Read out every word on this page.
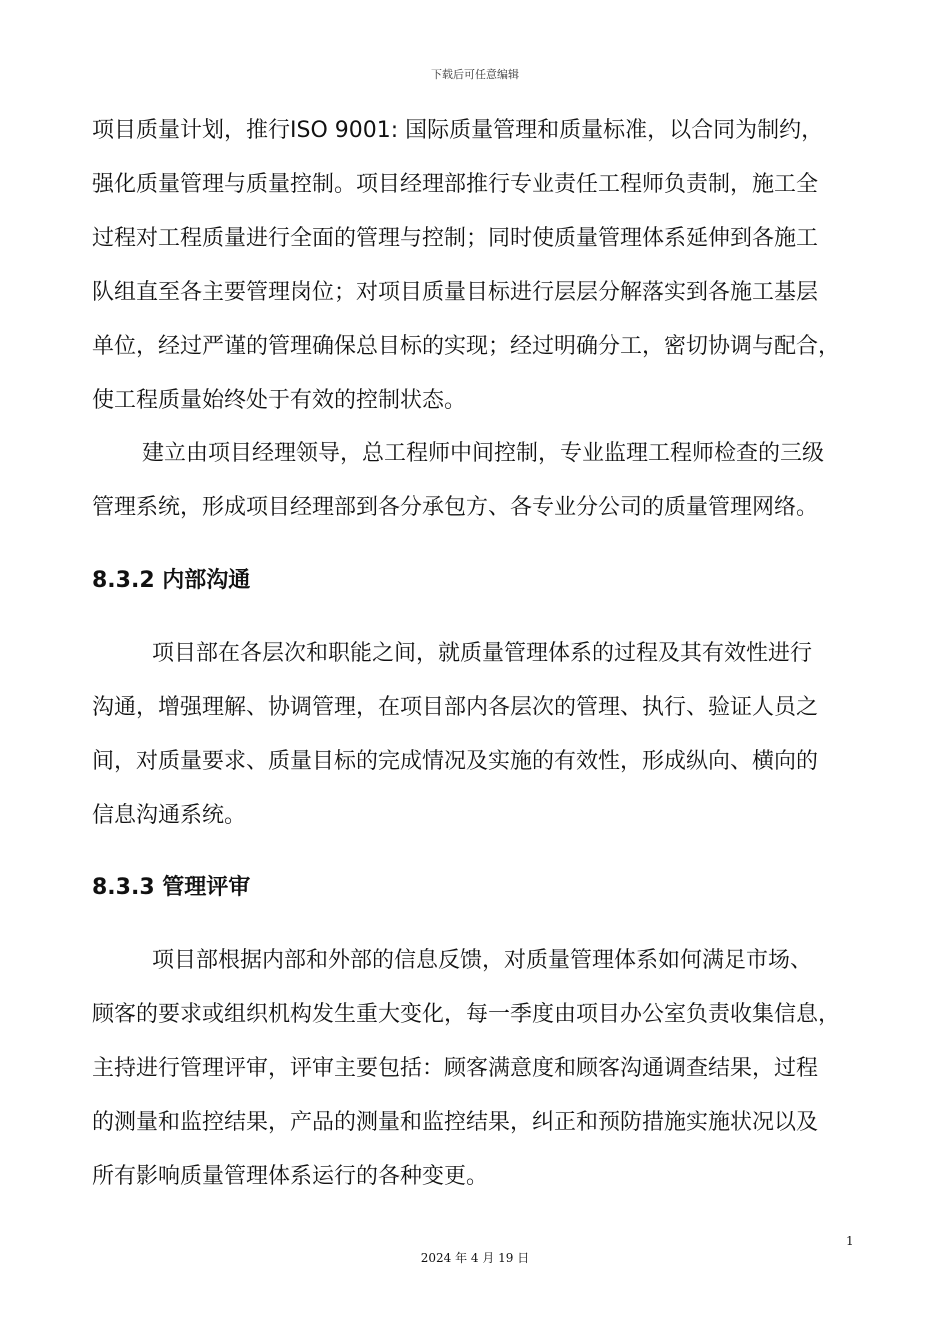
下载后可任意编辑
项目质量计划，推行ISO 9001: 国际质量管理和质量标准，以合同为制约，
强化质量管理与质量控制。项目经理部推行专业责任工程师负责制，施工全
过程对工程质量进行全面的管理与控制；同时使质量管理体系延伸到各施工
队组直至各主要管理岗位；对项目质量目标进行层层分解落实到各施工基层
单位，经过严谨的管理确保总目标的实现；经过明确分工，密切协调与配合，
使工程质量始终处于有效的控制状态。
建立由项目经理领导，总工程师中间控制，专业监理工程师检查的三级
管理系统，形成项目经理部到各分承包方、各专业分公司的质量管理网络。
8.3.2 内部沟通
项目部在各层次和职能之间，就质量管理体系的过程及其有效性进行
沟通，增强理解、协调管理，在项目部内各层次的管理、执行、验证人员之
间，对质量要求、质量目标的完成情况及实施的有效性，形成纵向、横向的
信息沟通系统。
8.3.3 管理评审
项目部根据内部和外部的信息反馈，对质量管理体系如何满足市场、
顾客的要求或组织机构发生重大变化，每一季度由项目办公室负责收集信息，
主持进行管理评审，评审主要包括：顾客满意度和顾客沟通调查结果，过程
的测量和监控结果，产品的测量和监控结果，纠正和预防措施实施状况以及
所有影响质量管理体系运行的各种变更。
1
2024 年 4 月 19 日
